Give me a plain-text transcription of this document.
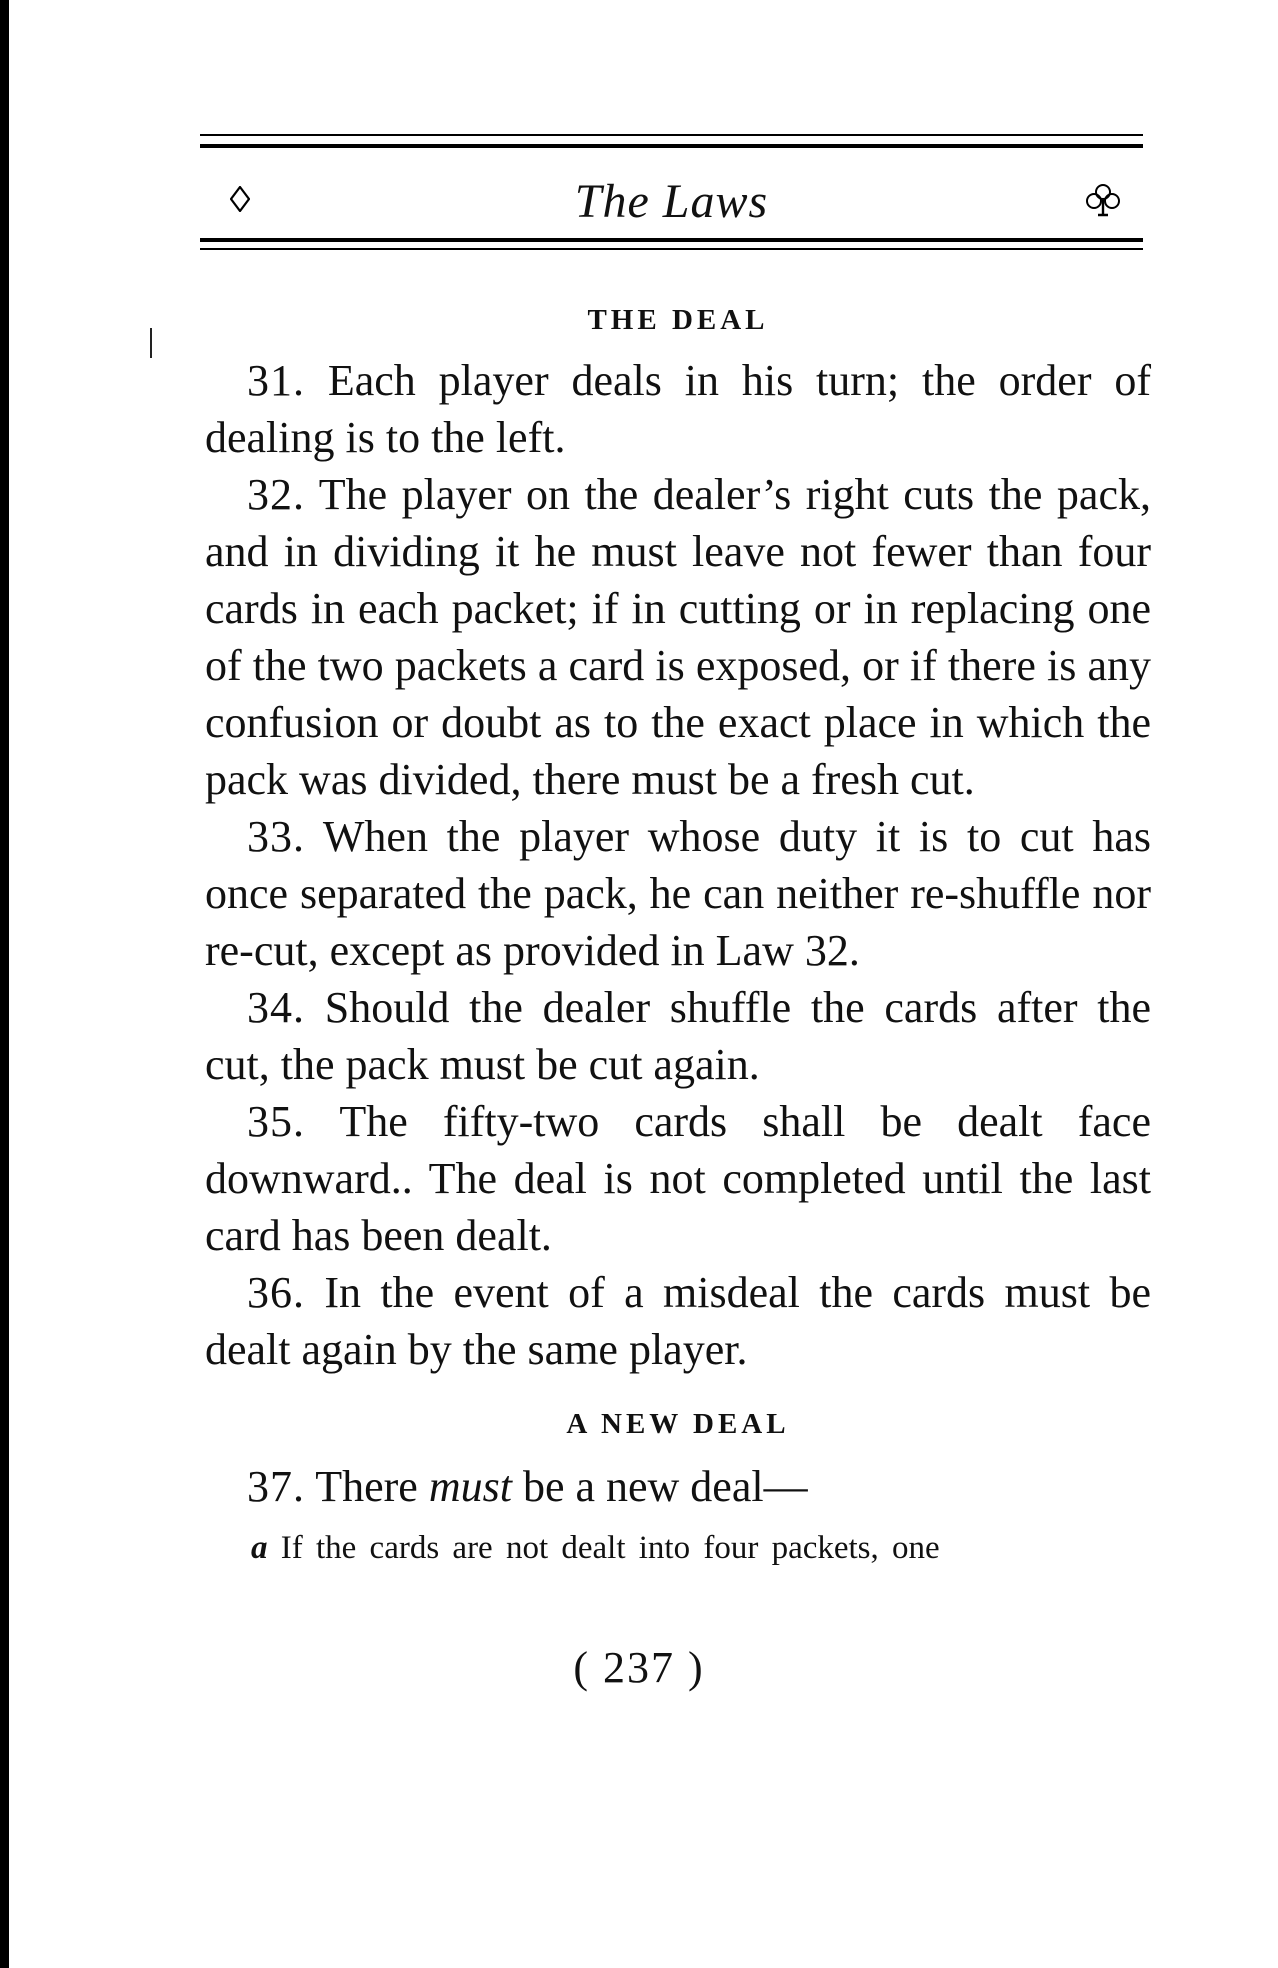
The Laws
THE DEAL

31. Each player deals in his turn; the order of dealing is to the left.

32. The player on the dealer’s right cuts the pack, and in dividing it he must leave not fewer than four cards in each packet; if in cutting or in replacing one of the two packets a card is exposed, or if there is any confusion or doubt as to the exact place in which the pack was divided, there must be a fresh cut.

33. When the player whose duty it is to cut has once separated the pack, he can neither re-shuffle nor re-cut, except as provided in Law 32.

34. Should the dealer shuffle the cards after the cut, the pack must be cut again.

35. The fifty-two cards shall be dealt face downward.. The deal is not completed until the last card has been dealt.

36. In the event of a misdeal the cards must be dealt again by the same player.

A NEW DEAL

37. There must be a new deal—

a If the cards are not dealt into four packets, one

( 237 )
